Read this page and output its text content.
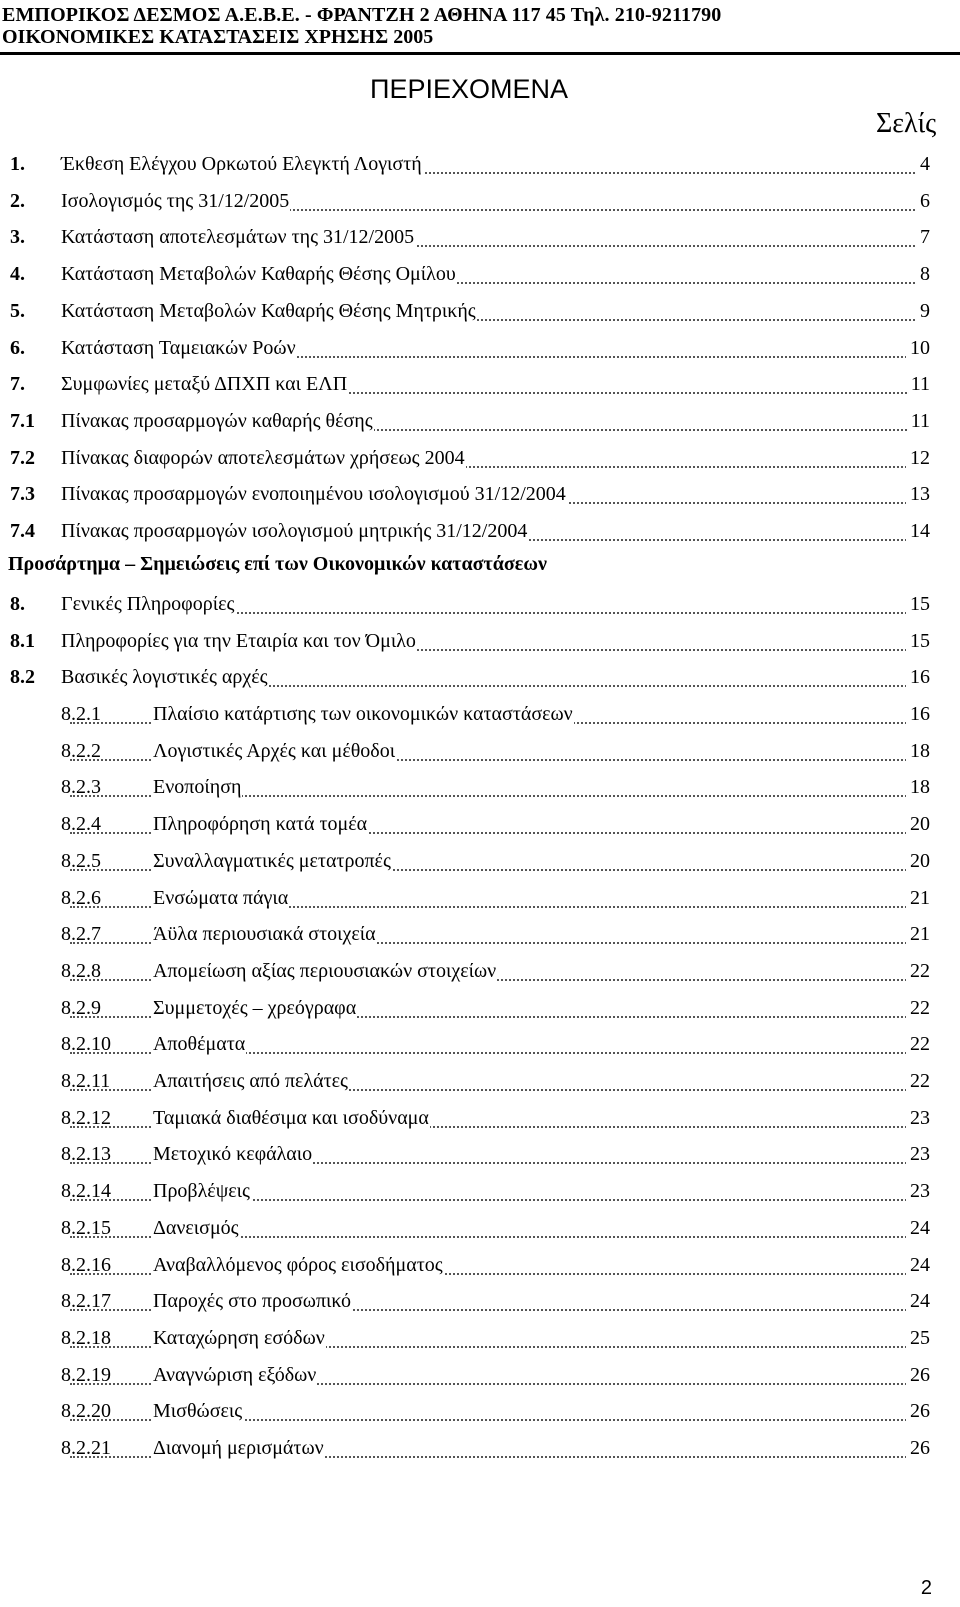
ΕΜΠΟΡΙΚΟΣ ΔΕΣΜΟΣ Α.Ε.Β.Ε. - ΦΡΑΝΤΖΗ 2 ΑΘΗΝΑ 117 45 Τηλ. 210-9211790
ΟΙΚΟΝΟΜΙΚΕΣ ΚΑΤΑΣΤΑΣΕΙΣ ΧΡΗΣΗΣ 2005
ΠΕΡΙΕΧΟΜΕΝΑ
Σελίς
1. Έκθεση Ελέγχου Ορκωτού Ελεγκτή Λογιστή	4
2. Ισολογισμός της 31/12/2005	6
3. Κατάσταση αποτελεσμάτων της 31/12/2005	7
4. Κατάσταση Μεταβολών Καθαρής Θέσης Ομίλου	8
5. Κατάσταση Μεταβολών Καθαρής Θέσης Μητρικής	9
6. Κατάσταση Ταμειακών Ροών	10
7. Συμφωνίες μεταξύ ΔΠΧΠ και ΕΛΠ	11
7.1 Πίνακας προσαρμογών καθαρής θέσης	11
7.2 Πίνακας διαφορών αποτελεσμάτων χρήσεως 2004	12
7.3 Πίνακας προσαρμογών ενοποιημένου ισολογισμού 31/12/2004	13
7.4 Πίνακας προσαρμογών ισολογισμού μητρικής 31/12/2004	14
Προσάρτημα – Σημειώσεις επί των Οικονομικών καταστάσεων
8. Γενικές Πληροφορίες	15
8.1 Πληροφορίες για την Εταιρία και τον Όμιλο	15
8.2 Βασικές λογιστικές αρχές	16
8.2.1	Πλαίσιο κατάρτισης των οικονομικών καταστάσεων	16
8.2.2	Λογιστικές Αρχές και μέθοδοι	18
8.2.3	Ενοποίηση	18
8.2.4	Πληροφόρηση κατά τομέα	20
8.2.5	Συναλλαγματικές μετατροπές	20
8.2.6	Ενσώματα πάγια	21
8.2.7	Άϋλα περιουσιακά στοιχεία	21
8.2.8	Απομείωση αξίας περιουσιακών στοιχείων	22
8.2.9	Συμμετοχές – χρεόγραφα	22
8.2.10 Αποθέματα	22
8.2.11 Απαιτήσεις από πελάτες	22
8.2.12 Ταμιακά διαθέσιμα και ισοδύναμα	23
8.2.13 Μετοχικό κεφάλαιο	23
8.2.14 Προβλέψεις	23
8.2.15 Δανεισμός	24
8.2.16 Αναβαλλόμενος φόρος εισοδήματος	24
8.2.17 Παροχές στο προσωπικό	24
8.2.18 Καταχώρηση εσόδων	25
8.2.19 Αναγνώριση εξόδων	26
8.2.20 Μισθώσεις	26
8.2.21 Διανομή μερισμάτων	26
2
